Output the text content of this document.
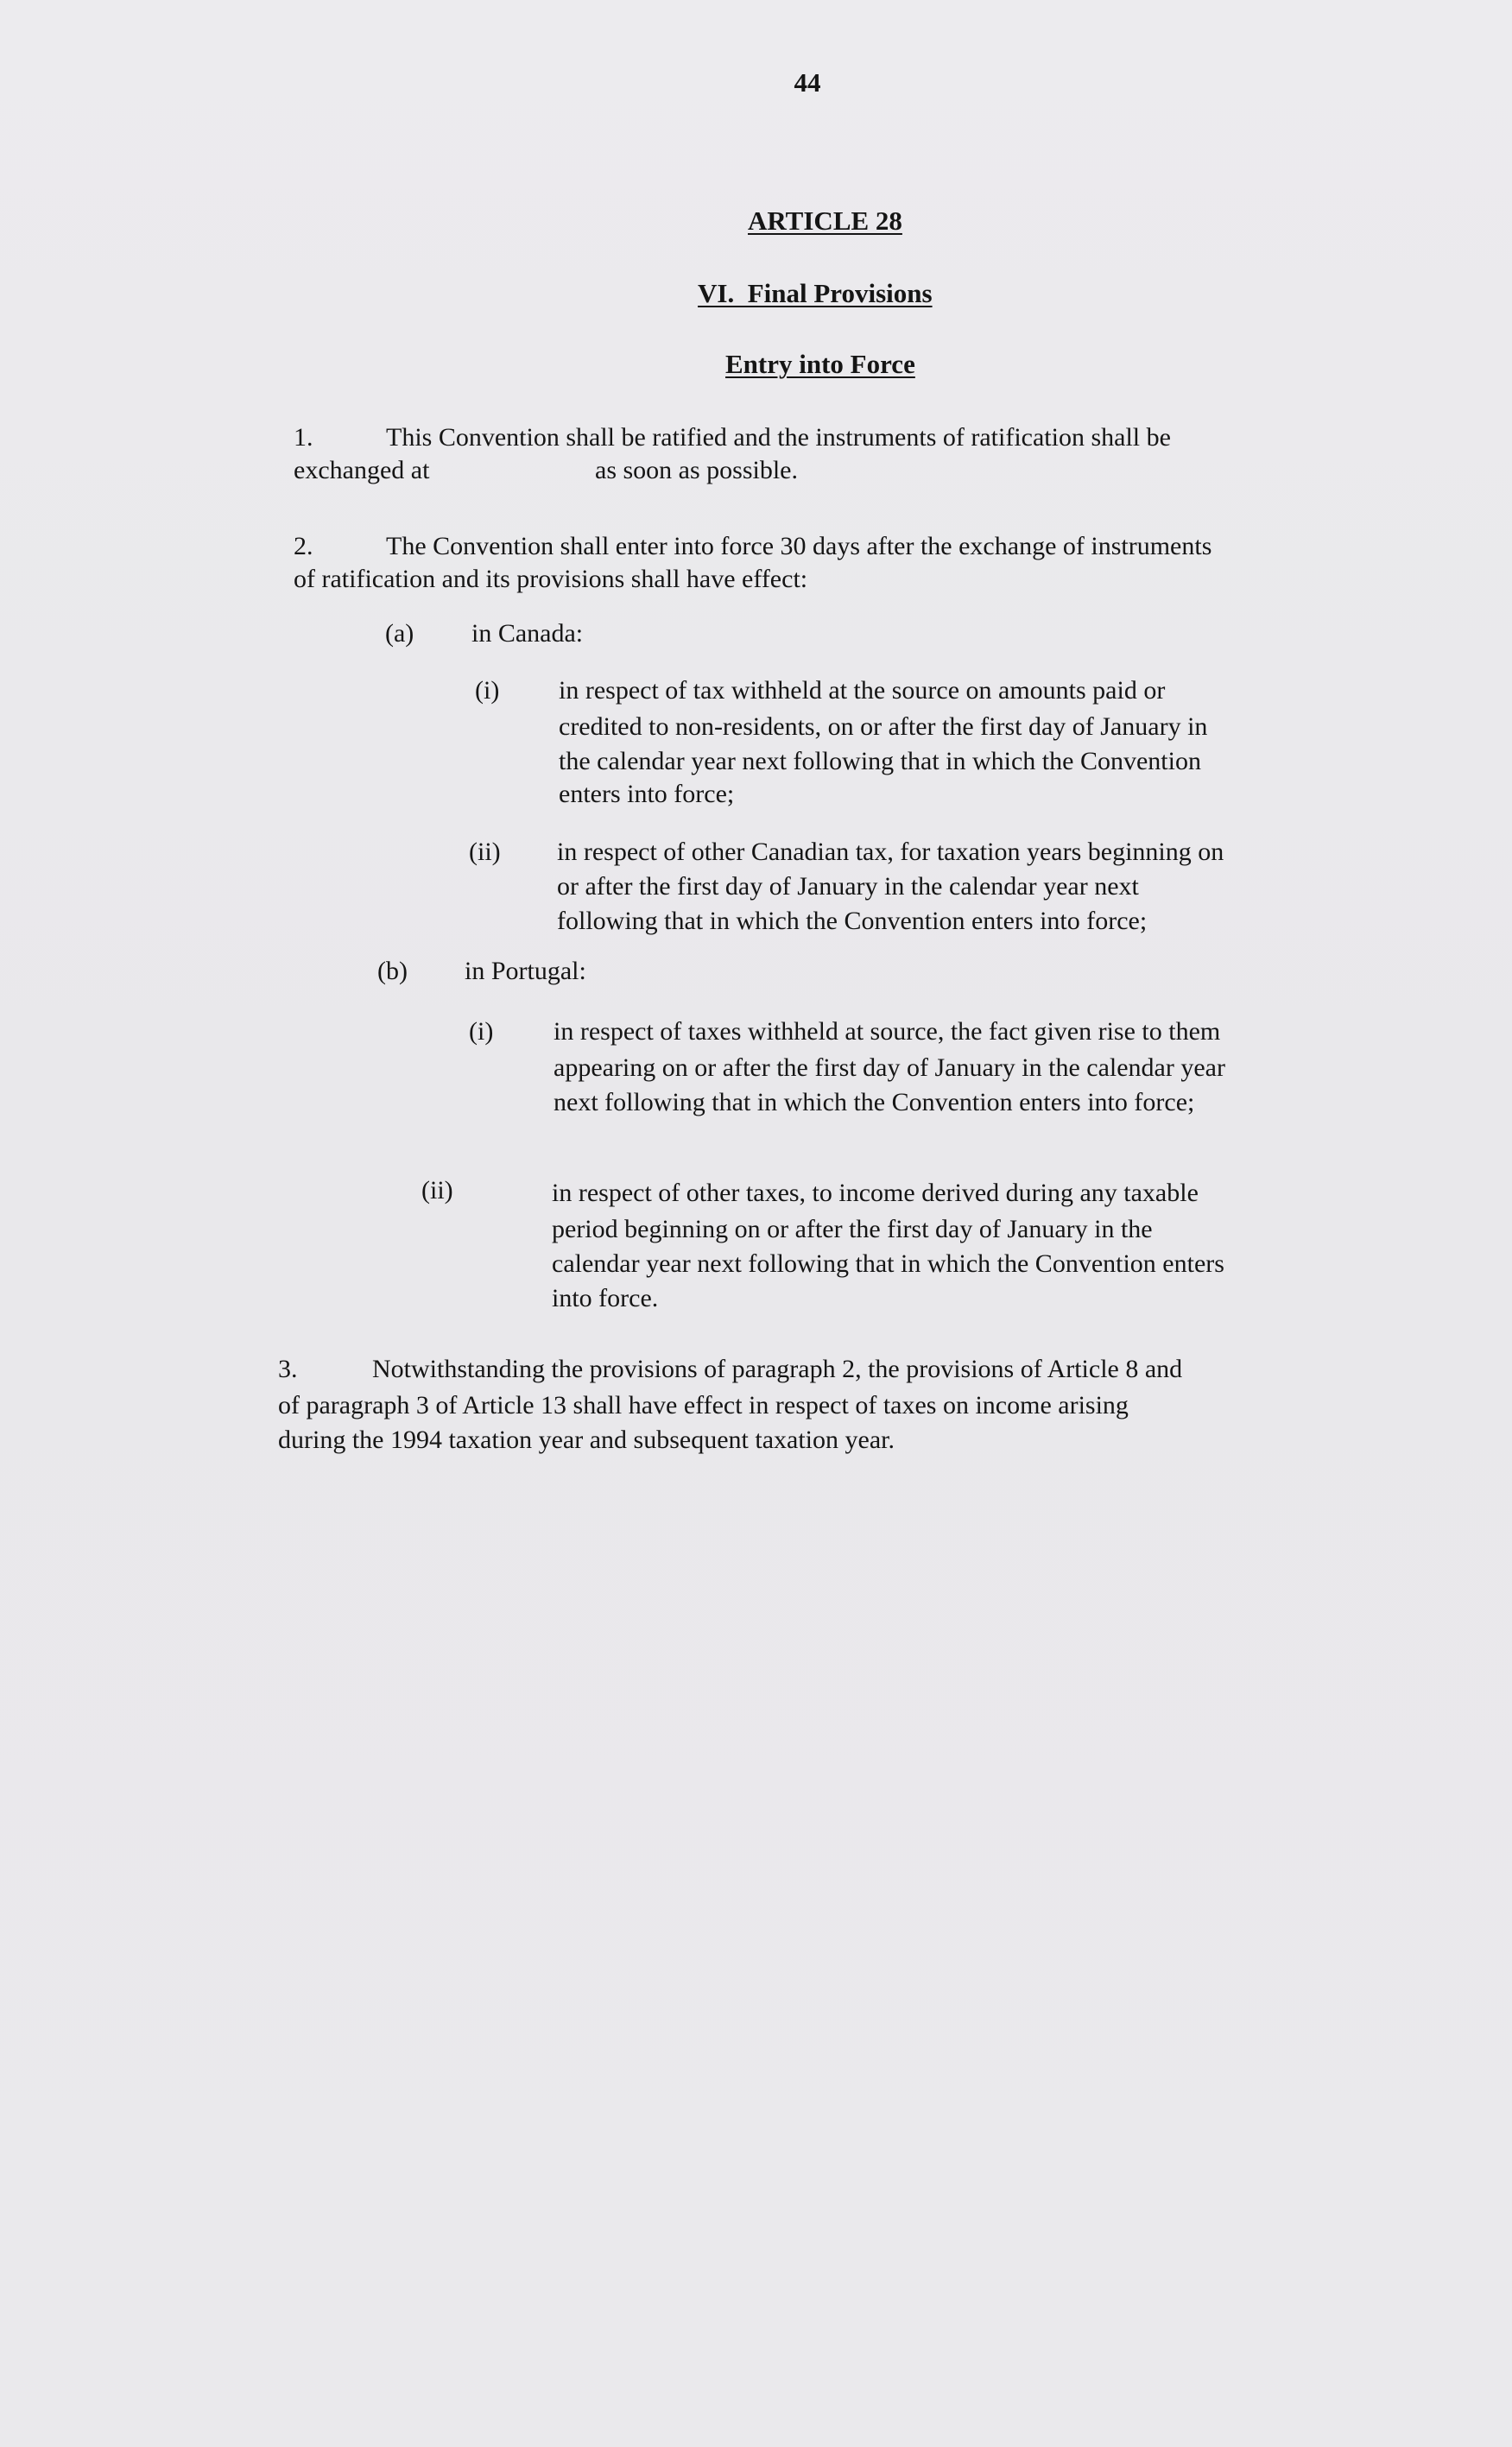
44
ARTICLE 28
VI.  Final Provisions
Entry into Force
1.	This Convention shall be ratified and the instruments of ratification shall be
exchanged at	as soon as possible.
2.	The Convention shall enter into force 30 days after the exchange of instruments
of ratification and its provisions shall have effect:
(a) in Canada:
(i) in respect of tax withheld at the source on amounts paid or
credited to non-residents, on or after the first day of January in
the calendar year next following that in which the Convention
enters into force;
(ii) in respect of other Canadian tax, for taxation years beginning on
or after the first day of January in the calendar year next
following that in which the Convention enters into force;
(b) in Portugal:
(i) in respect of taxes withheld at source, the fact given rise to them
appearing on or after the first day of January in the calendar year
next following that in which the Convention enters into force;
(ii)	in respect of other taxes, to income derived during any taxable
period beginning on or after the first day of January in the
calendar year next following that in which the Convention enters
into force.
3.	Notwithstanding the provisions of paragraph 2, the provisions of Article 8 and
of paragraph 3 of Article 13 shall have effect in respect of taxes on income arising
during the 1994 taxation year and subsequent taxation year.
